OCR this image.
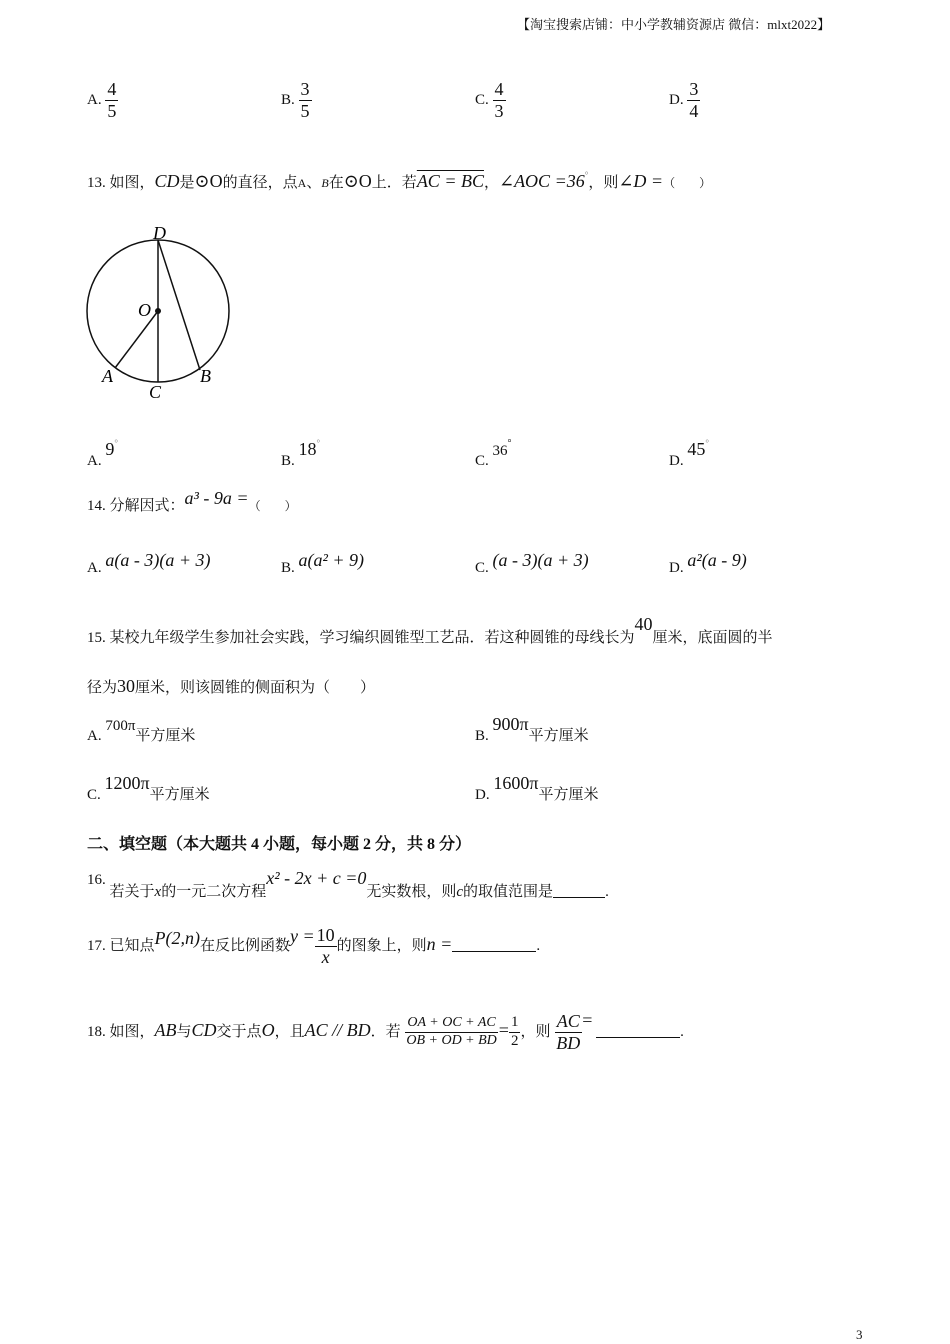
【淘宝搜索店铺：中小学教辅资源店 微信：mlxt2022】
A. $\frac{4}{5}$	B. $\frac{3}{5}$	C. $\frac{4}{3}$	D. $\frac{3}{4}$
13. 如图，CD是⊙O的直径，点A、B在⊙O上．若AC = BC，∠AOC =36°，则∠D =（　　）
D
O
A	B
C
A. 9°
B. 18°
C. 36°
D. 45°
14. 分解因式：a³ - 9a =（　　）
A. a(a - 3)(a + 3)	B. a(a² + 9)	C. (a - 3)(a + 3)	D. a²(a - 9)
15. 某校九年级学生参加社会实践，学习编织圆锥型工艺品．若这种圆锥的母线长为40厘米，底面圆的半
径为30厘米，则该圆锥的侧面积为（　　）
A. 700π平方厘米	B. 900π平方厘米
C. 1200π平方厘米	D. 1600π平方厘米
二、填空题（本大题共 4 小题，每小题 2 分，共 8 分）
16. 若关于x的一元二次方程x² - 2x + c =0无实数根，则c的取值范围是	.
17. 已知点P(2,n)在反比例函数$y = \frac{10}{x}$ 的图象上，则n =	.
18. 如图，AB与CD交于点O，且AC // BD．若 $\frac{OA + OC + AC}{OB + OD + BD} = \frac{1}{2}$ ，则 $\frac{AC}{BD}$ = .
3
